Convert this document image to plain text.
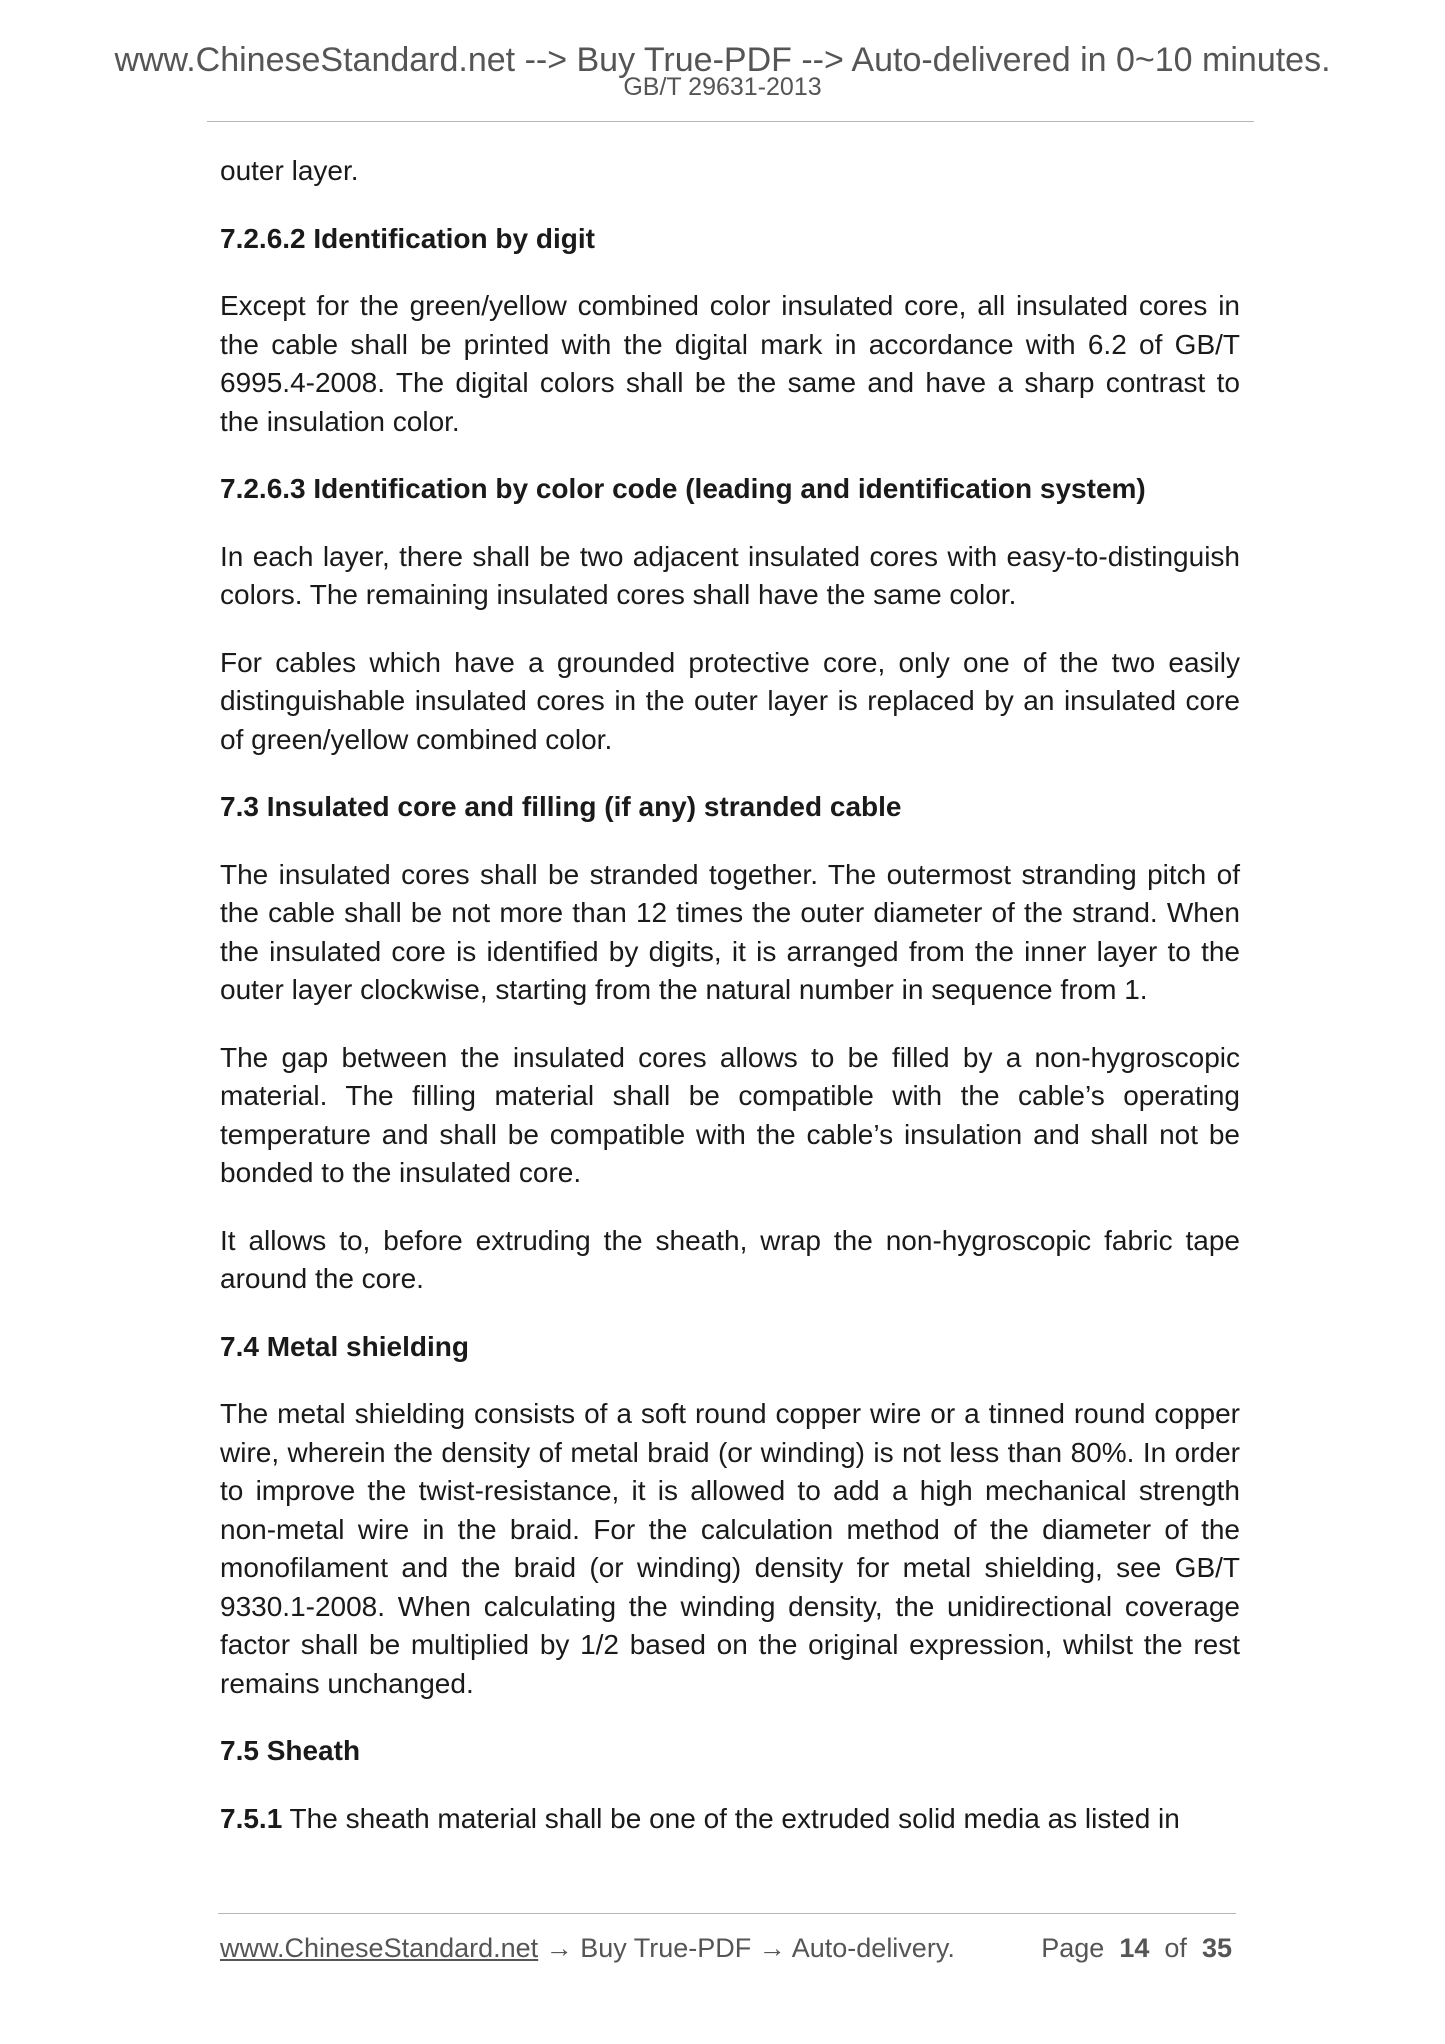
www.ChineseStandard.net --> Buy True-PDF --> Auto-delivered in 0~10 minutes.
GB/T 29631-2013

outer layer.

7.2.6.2 Identification by digit

Except for the green/yellow combined color insulated core, all insulated cores in the cable shall be printed with the digital mark in accordance with 6.2 of GB/T 6995.4-2008. The digital colors shall be the same and have a sharp contrast to the insulation color.

7.2.6.3 Identification by color code (leading and identification system)

In each layer, there shall be two adjacent insulated cores with easy-to-distinguish colors. The remaining insulated cores shall have the same color.

For cables which have a grounded protective core, only one of the two easily distinguishable insulated cores in the outer layer is replaced by an insulated core of green/yellow combined color.

7.3 Insulated core and filling (if any) stranded cable

The insulated cores shall be stranded together. The outermost stranding pitch of the cable shall be not more than 12 times the outer diameter of the strand. When the insulated core is identified by digits, it is arranged from the inner layer to the outer layer clockwise, starting from the natural number in sequence from 1.

The gap between the insulated cores allows to be filled by a non-hygroscopic material. The filling material shall be compatible with the cable’s operating temperature and shall be compatible with the cable’s insulation and shall not be bonded to the insulated core.

It allows to, before extruding the sheath, wrap the non-hygroscopic fabric tape around the core.

7.4 Metal shielding

The metal shielding consists of a soft round copper wire or a tinned round copper wire, wherein the density of metal braid (or winding) is not less than 80%. In order to improve the twist-resistance, it is allowed to add a high mechanical strength non-metal wire in the braid. For the calculation method of the diameter of the monofilament and the braid (or winding) density for metal shielding, see GB/T 9330.1-2008. When calculating the winding density, the unidirectional coverage factor shall be multiplied by 1/2 based on the original expression, whilst the rest remains unchanged.

7.5 Sheath

7.5.1 The sheath material shall be one of the extruded solid media as listed in

www.ChineseStandard.net → Buy True-PDF → Auto-delivery.	Page 14 of 35
